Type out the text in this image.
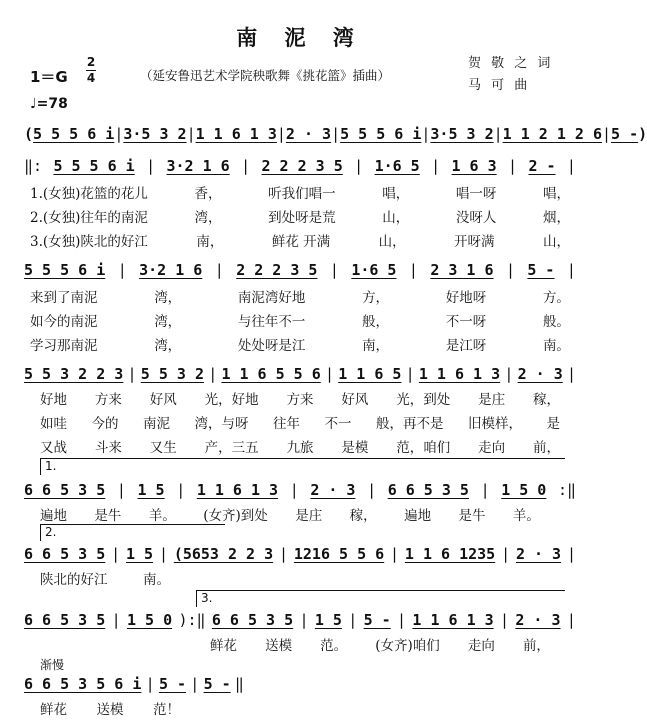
南 泥 湾
1＝G
2
4	（延安鲁迅艺术学院秧歌舞《挑花篮》插曲）
贺 敬 之 词
马 可 曲
♩=78
( 5 5 5 6 i | 3·5 3 2 | 1 1 6 1 3 | 2 · 3 | 5 5 5 6 i | 3·5 3 2 | 1 1 2 1 2 6 | 5 - )
‖: 5 5 5 6 i | 3·2 1 6 | 2 2 2 3 5 | 1·6 5 | 1 6 3 | 2 - |
1.(女独)花篮的花儿	香，	听我们唱一	唱，	唱一呀	唱，
2.(女独)往年的南泥	湾，	到处呀是荒	山，	没呀人	烟，
3.(女独)陕北的好江	南，	鲜花 开满	山，	开呀满	山，
5 5 5 6 i | 3·2 1 6 | 2 2 2 3 5 | 1·6 5 | 2 3 1 6 | 5 - |
来到了南泥	湾，	南泥湾好地	方，	好地呀	方。
如今的南泥	湾，	与往年不一	般，	不一呀	般。
学习那南泥	湾，	处处呀是江	南，	是江呀	南。
5 5 3 2 2 3 | 5 5 3 2 | 1 1 6 5 5 6 | 1 1 6 5 | 1 1 6 1 3 | 2 · 3 |
好地 方来 好风 光，好地 方来 好风 光，到处 是庄 稼，
如哇 今的 南泥 湾，与呀 往年 不一 般，再不是 旧模样， 是
又战 斗来 又生 产，三五 九旅 是模 范，咱们 走向 前，
1.
6 6 5 3 5 | 1 5 | 1 1 6 1 3 | 2 · 3 | 6 6 5 3 5 | 1 5 0 :‖
遍地 是牛 羊。 (女齐)到处 是庄 稼， 遍地 是牛 羊。
2.
6 6 5 3 5 | 1 5 | (5653 2 2 3 | 1216 5 5 6 | 1 1 6 1235 | 2 · 3 |
陕北的好江	南。
3.
6 6 5 3 5 | 1 5 0 ):‖ 6 6 5 3 5 | 1 5 | 5 - | 1 1 6 1 3 | 2 · 3 |
鲜花 送模 范。 (女齐)咱们 走向 前，
渐慢
6 6 5 3 5 6 i | 5 - | 5 - ‖
鲜花 送模 范！
